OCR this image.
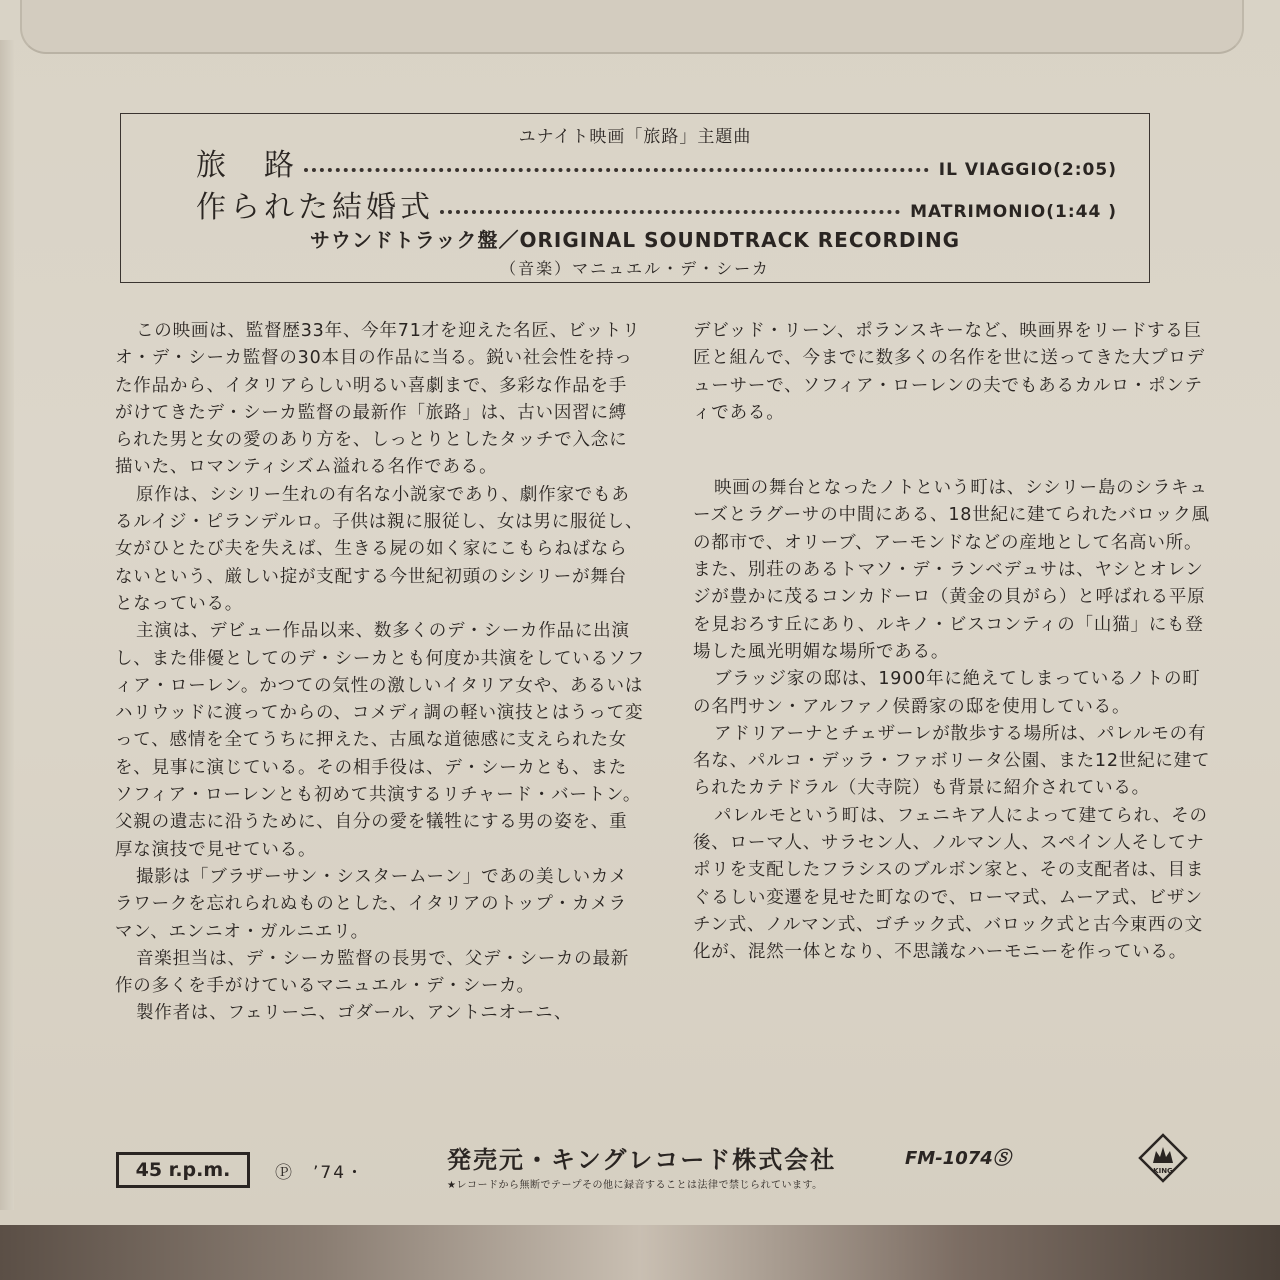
ユナイト映画「旅路」主題曲
旅　路	IL VIAGGIO(2:05)
作られた結婚式	MATRIMONIO(1:44 )
サウンドトラック盤／ORIGINAL SOUNDTRACK RECORDING
（音楽）マニュエル・デ・シーカ

この映画は、監督歴33年、今年71才を迎えた名匠、ビットリオ・デ・シーカ監督の30本目の作品に当る。鋭い社会性を持った作品から、イタリアらしい明るい喜劇まで、多彩な作品を手がけてきたデ・シーカ監督の最新作「旅路」は、古い因習に縛られた男と女の愛のあり方を、しっとりとしたタッチで入念に描いた、ロマンティシズム溢れる名作である。

原作は、シシリー生れの有名な小説家であり、劇作家でもあるルイジ・ピランデルロ。子供は親に服従し、女は男に服従し、女がひとたび夫を失えば、生きる屍の如く家にこもらねばならないという、厳しい掟が支配する今世紀初頭のシシリーが舞台となっている。

主演は、デビュー作品以来、数多くのデ・シーカ作品に出演し、また俳優としてのデ・シーカとも何度か共演をしているソフィア・ローレン。かつての気性の激しいイタリア女や、あるいはハリウッドに渡ってからの、コメディ調の軽い演技とはうって変って、感情を全てうちに押えた、古風な道徳感に支えられた女を、見事に演じている。その相手役は、デ・シーカとも、またソフィア・ローレンとも初めて共演するリチャード・バートン。父親の遺志に沿うために、自分の愛を犠牲にする男の姿を、重厚な演技で見せている。

撮影は「ブラザーサン・シスタームーン」であの美しいカメラワークを忘れられぬものとした、イタリアのトップ・カメラマン、エンニオ・ガルニエリ。

音楽担当は、デ・シーカ監督の長男で、父デ・シーカの最新作の多くを手がけているマニュエル・デ・シーカ。

製作者は、フェリーニ、ゴダール、アントニオーニ、

デビッド・リーン、ポランスキーなど、映画界をリードする巨匠と組んで、今までに数多くの名作を世に送ってきた大プロデューサーで、ソフィア・ローレンの夫でもあるカルロ・ポンティである。

映画の舞台となったノトという町は、シシリー島のシラキューズとラグーサの中間にある、18世紀に建てられたバロック風の都市で、オリーブ、アーモンドなどの産地として名高い所。また、別荘のあるトマソ・デ・ランベデュサは、ヤシとオレンジが豊かに茂るコンカドーロ（黄金の貝がら）と呼ばれる平原を見おろす丘にあり、ルキノ・ビスコンティの「山猫」にも登場した風光明媚な場所である。

ブラッジ家の邸は、1900年に絶えてしまっているノトの町の名門サン・アルファノ侯爵家の邸を使用している。

アドリアーナとチェザーレが散歩する場所は、パレルモの有名な、パルコ・デッラ・ファボリータ公園、また12世紀に建てられたカテドラル（大寺院）も背景に紹介されている。

パレルモという町は、フェニキア人によって建てられ、その後、ローマ人、サラセン人、ノルマン人、スペイン人そしてナポリを支配したフラシスのブルボン家と、その支配者は、目まぐるしい変遷を見せた町なので、ローマ式、ムーア式、ビザンチン式、ノルマン式、ゴチック式、バロック式と古今東西の文化が、混然一体となり、不思議なハーモニーを作っている。

45 r.p.m.	Ⓟ　’74・	発売元・キングレコード株式会社	FM-1074Ⓢ
★レコードから無断でテープその他に録音することは法律で禁じられています。
KING
